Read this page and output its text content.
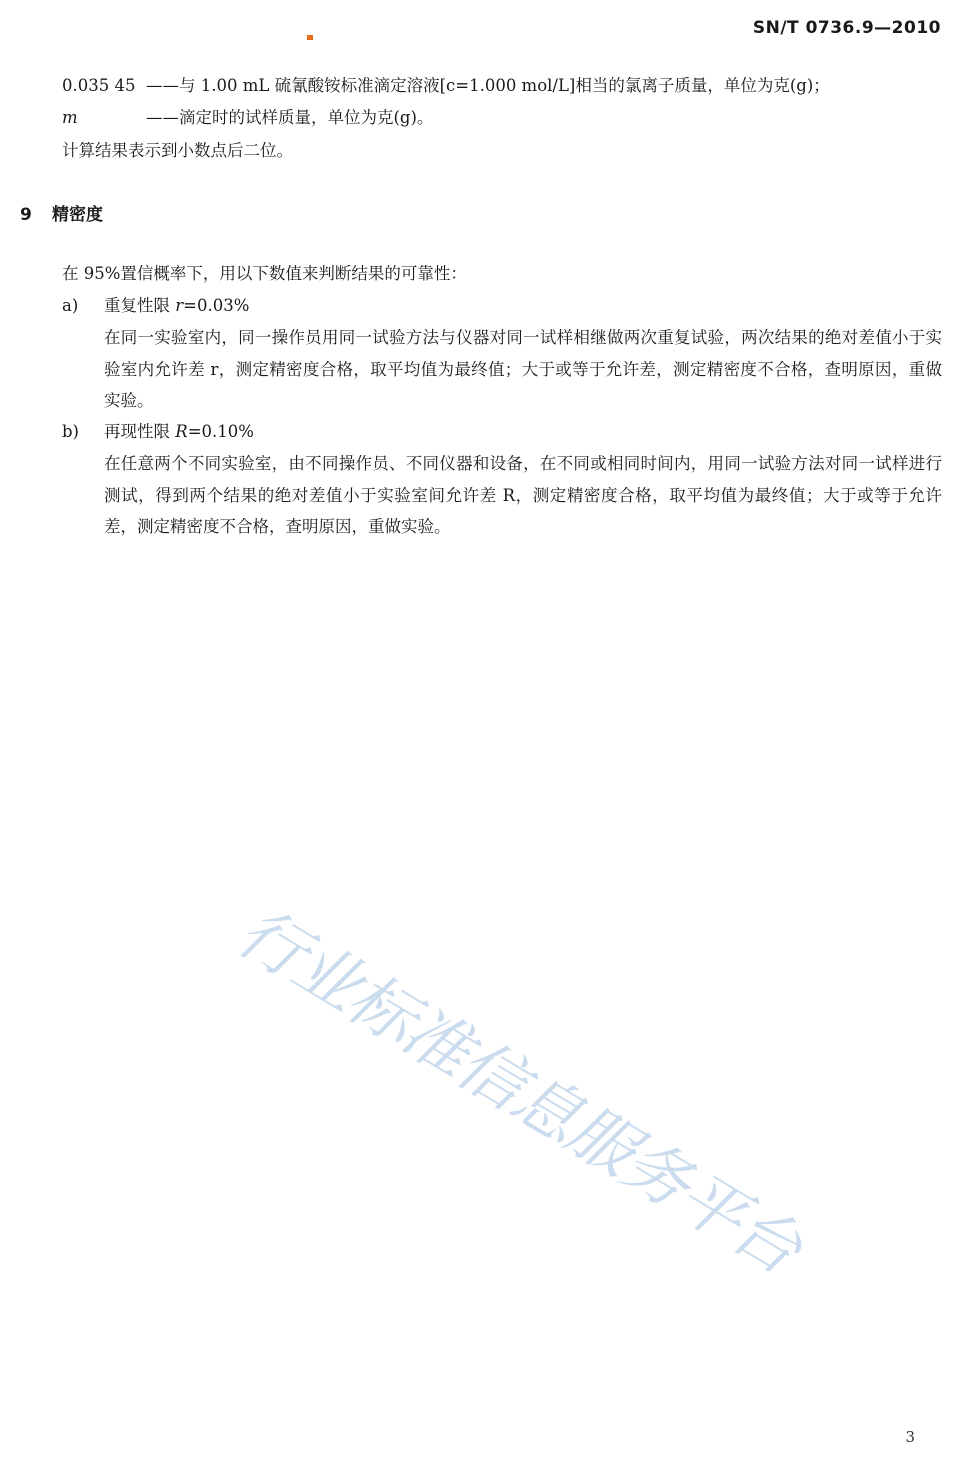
SN/T 0736.9—2010
0.035 45 ——与 1.00 mL 硫氰酸铵标准滴定溶液[c=1.000 mol/L]相当的氯离子质量，单位为克(g)；
m	——滴定时的试样质量，单位为克(g)。
计算结果表示到小数点后二位。
9 精密度
在 95%置信概率下，用以下数值来判断结果的可靠性：
a) 重复性限 r=0.03%
在同一实验室内，同一操作员用同一试验方法与仪器对同一试样相继做两次重复试验，两次结果的绝对差值小于实验室内允许差 r，测定精密度合格，取平均值为最终值；大于或等于允许差，测定精密度不合格，查明原因，重做实验。
b) 再现性限 R=0.10%
在任意两个不同实验室，由不同操作员、不同仪器和设备，在不同或相同时间内，用同一试验方法对同一试样进行测试，得到两个结果的绝对差值小于实验室间允许差 R，测定精密度合格，取平均值为最终值；大于或等于允许差，测定精密度不合格，查明原因，重做实验。
行业标准信息服务平台
3
